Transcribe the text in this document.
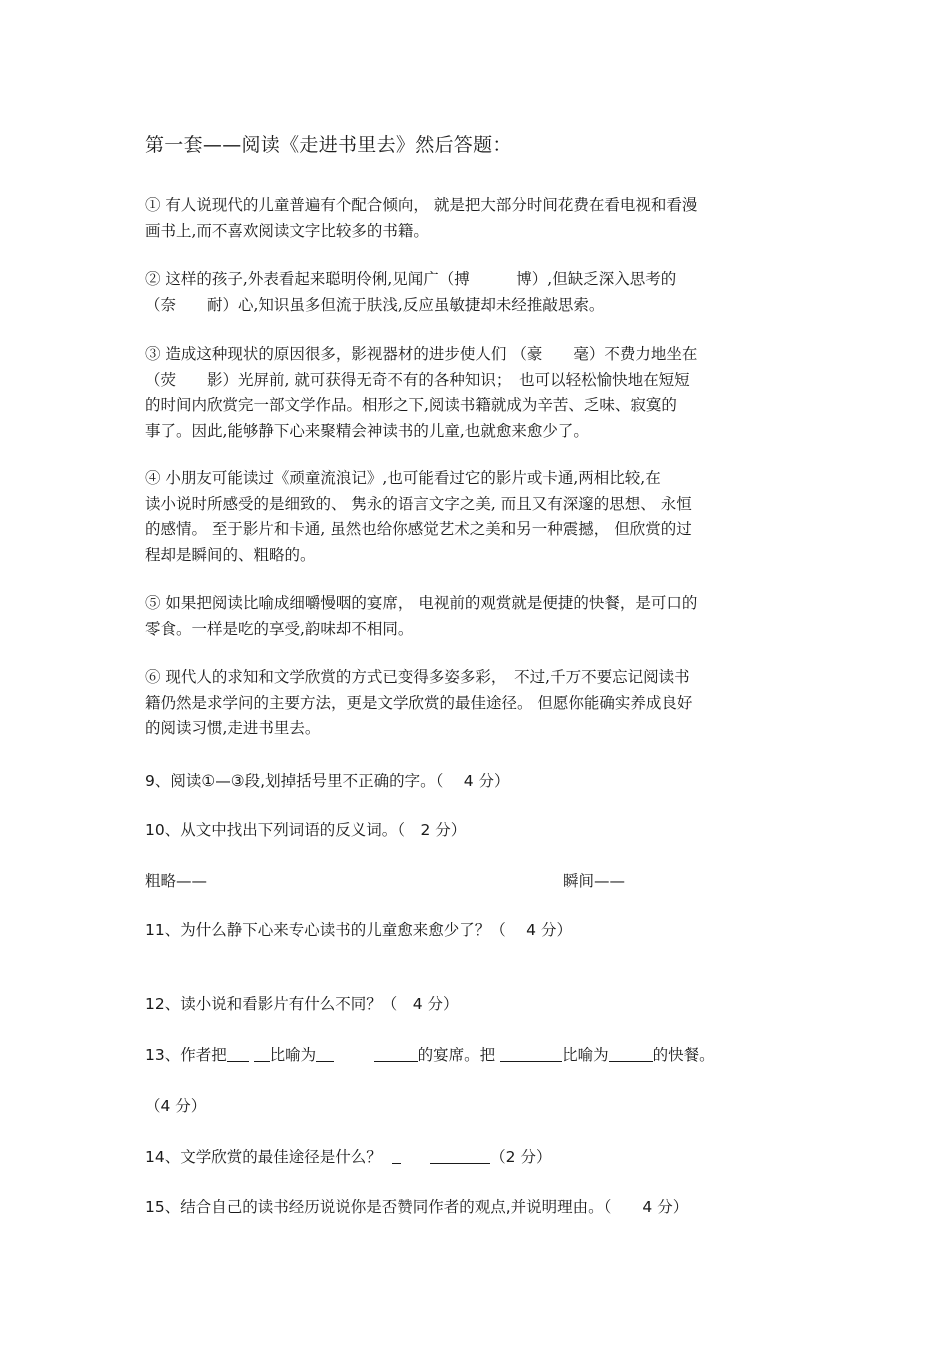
第一套——阅读《走进书里去》然后答题：
① 有人说现代的儿童普遍有个配合倾向， 就是把大部分时间花费在看电视和看漫
画书上,而不喜欢阅读文字比较多的书籍。
② 这样的孩子,外表看起来聪明伶俐,见闻广（搏　　　博）,但缺乏深入思考的
（奈　　耐）心,知识虽多但流于肤浅,反应虽敏捷却未经推敲思索。
③ 造成这种现状的原因很多，影视器材的进步使人们 （豪　　毫）不费力地坐在
（荧　　影）光屏前, 就可获得无奇不有的各种知识；　也可以轻松愉快地在短短
的时间内欣赏完一部文学作品。相形之下,阅读书籍就成为辛苦、乏味、寂寞的
事了。因此,能够静下心来聚精会神读书的儿童,也就愈来愈少了。
④ 小朋友可能读过《顽童流浪记》,也可能看过它的影片或卡通,两相比较,在
读小说时所感受的是细致的、 隽永的语言文字之美, 而且又有深邃的思想、 永恒
的感情。 至于影片和卡通, 虽然也给你感觉艺术之美和另一种震撼， 但欣赏的过
程却是瞬间的、粗略的。
⑤ 如果把阅读比喻成细嚼慢咽的宴席， 电视前的观赏就是便捷的快餐，是可口的
零食。一样是吃的享受,韵味却不相同。
⑥ 现代人的求知和文学欣赏的方式已变得多姿多彩，　不过,千万不要忘记阅读书
籍仍然是求学问的主要方法，更是文学欣赏的最佳途径。 但愿你能确实养成良好
的阅读习惯,走进书里去。
9、阅读①—③段,划掉括号里不正确的字。（　 4 分）
10、从文中找出下列词语的反义词。（　2 分）
粗略——	瞬间——
11、为什么静下心来专心读书的儿童愈来愈少了？（　 4 分）
12、读小说和看影片有什么不同？（　4 分）
13、作者把	比喻为	的宴席。把	比喻为	的快餐。
（4 分）
14、文学欣赏的最佳途径是什么？	（2 分）
15、结合自己的读书经历说说你是否赞同作者的观点,并说明理由。（　　4 分）
